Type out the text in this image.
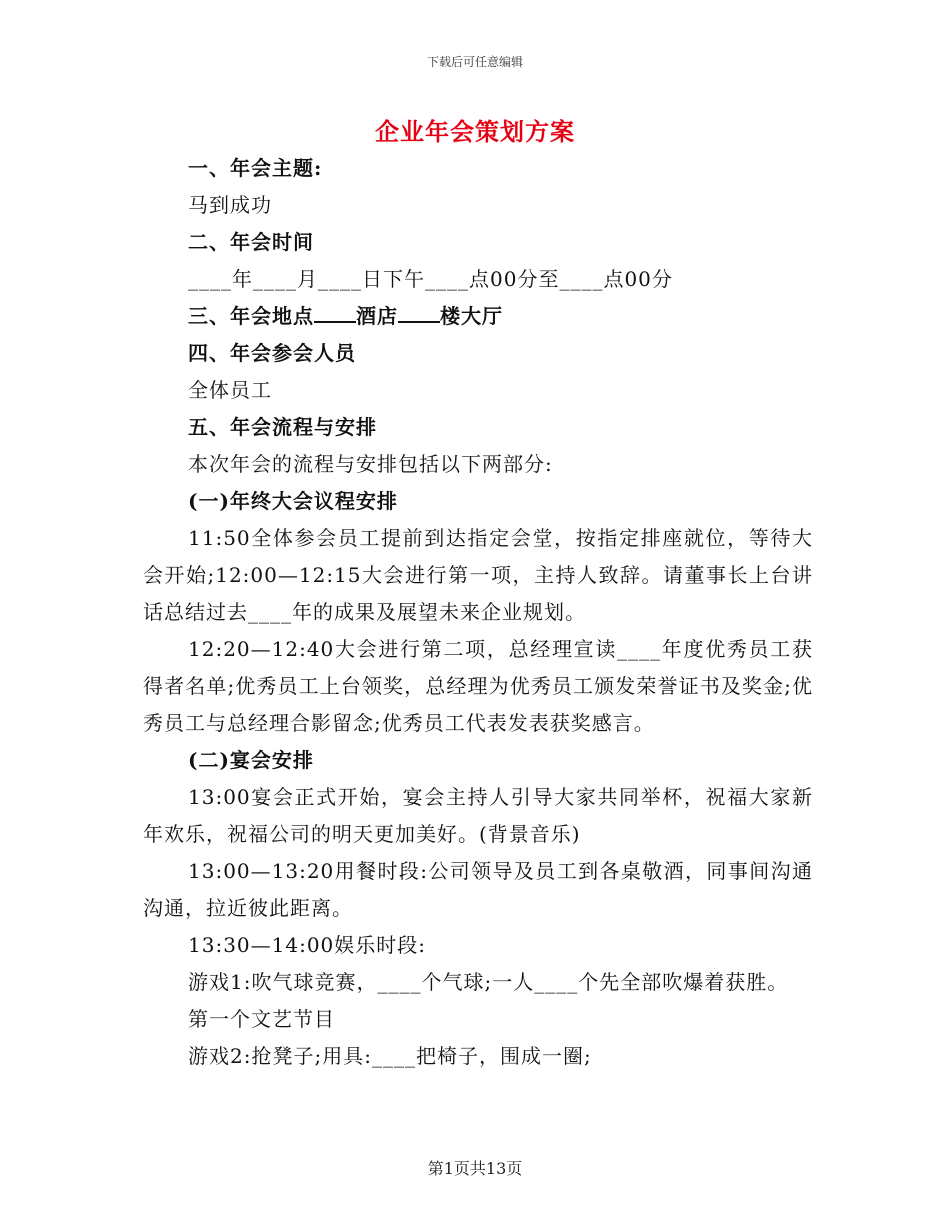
下载后可任意编辑
企业年会策划方案
一、年会主题:
马到成功
二、年会时间
____年____月____日下午____点00分至____点00分
三、年会地点 酒店 楼大厅
四、年会参会人员
全体员工
五、年会流程与安排
本次年会的流程与安排包括以下两部分:
(一)年终大会议程安排

11:50全体参会员工提前到达指定会堂，按指定排座就位，等待大会开始;12:00—12:15大会进行第一项，主持人致辞。请董事长上台讲话总结过去____年的成果及展望未来企业规划。

12:20—12:40大会进行第二项，总经理宣读____年度优秀员工获得者名单;优秀员工上台领奖，总经理为优秀员工颁发荣誉证书及奖金;优秀员工与总经理合影留念;优秀员工代表发表获奖感言。

(二)宴会安排

13:00宴会正式开始，宴会主持人引导大家共同举杯，祝福大家新年欢乐，祝福公司的明天更加美好。(背景音乐)

13:00—13:20用餐时段:公司领导及员工到各桌敬酒，同事间沟通沟通，拉近彼此距离。

13:30—14:00娱乐时段:
游戏1:吹气球竞赛，____个气球;一人____个先全部吹爆着获胜。
第一个文艺节目
游戏2:抢凳子;用具:____把椅子，围成一圈;
第1页共13页
